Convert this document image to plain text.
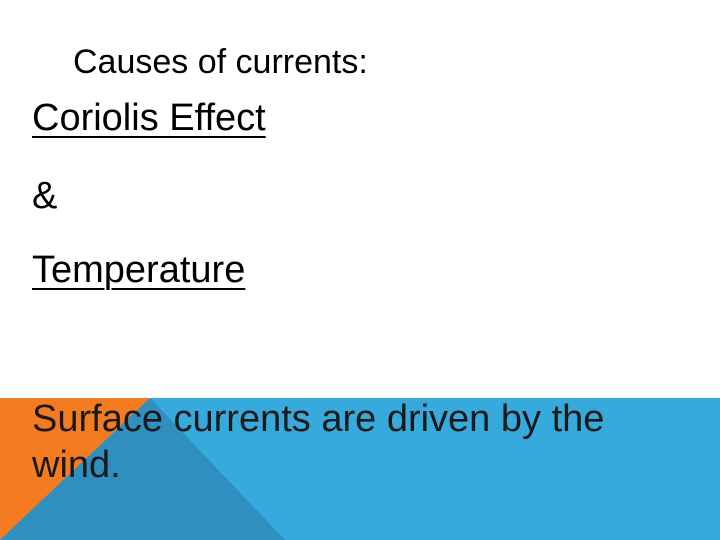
Causes of currents:
Coriolis Effect
&
Temperature
Surface currents are driven by the wind.
